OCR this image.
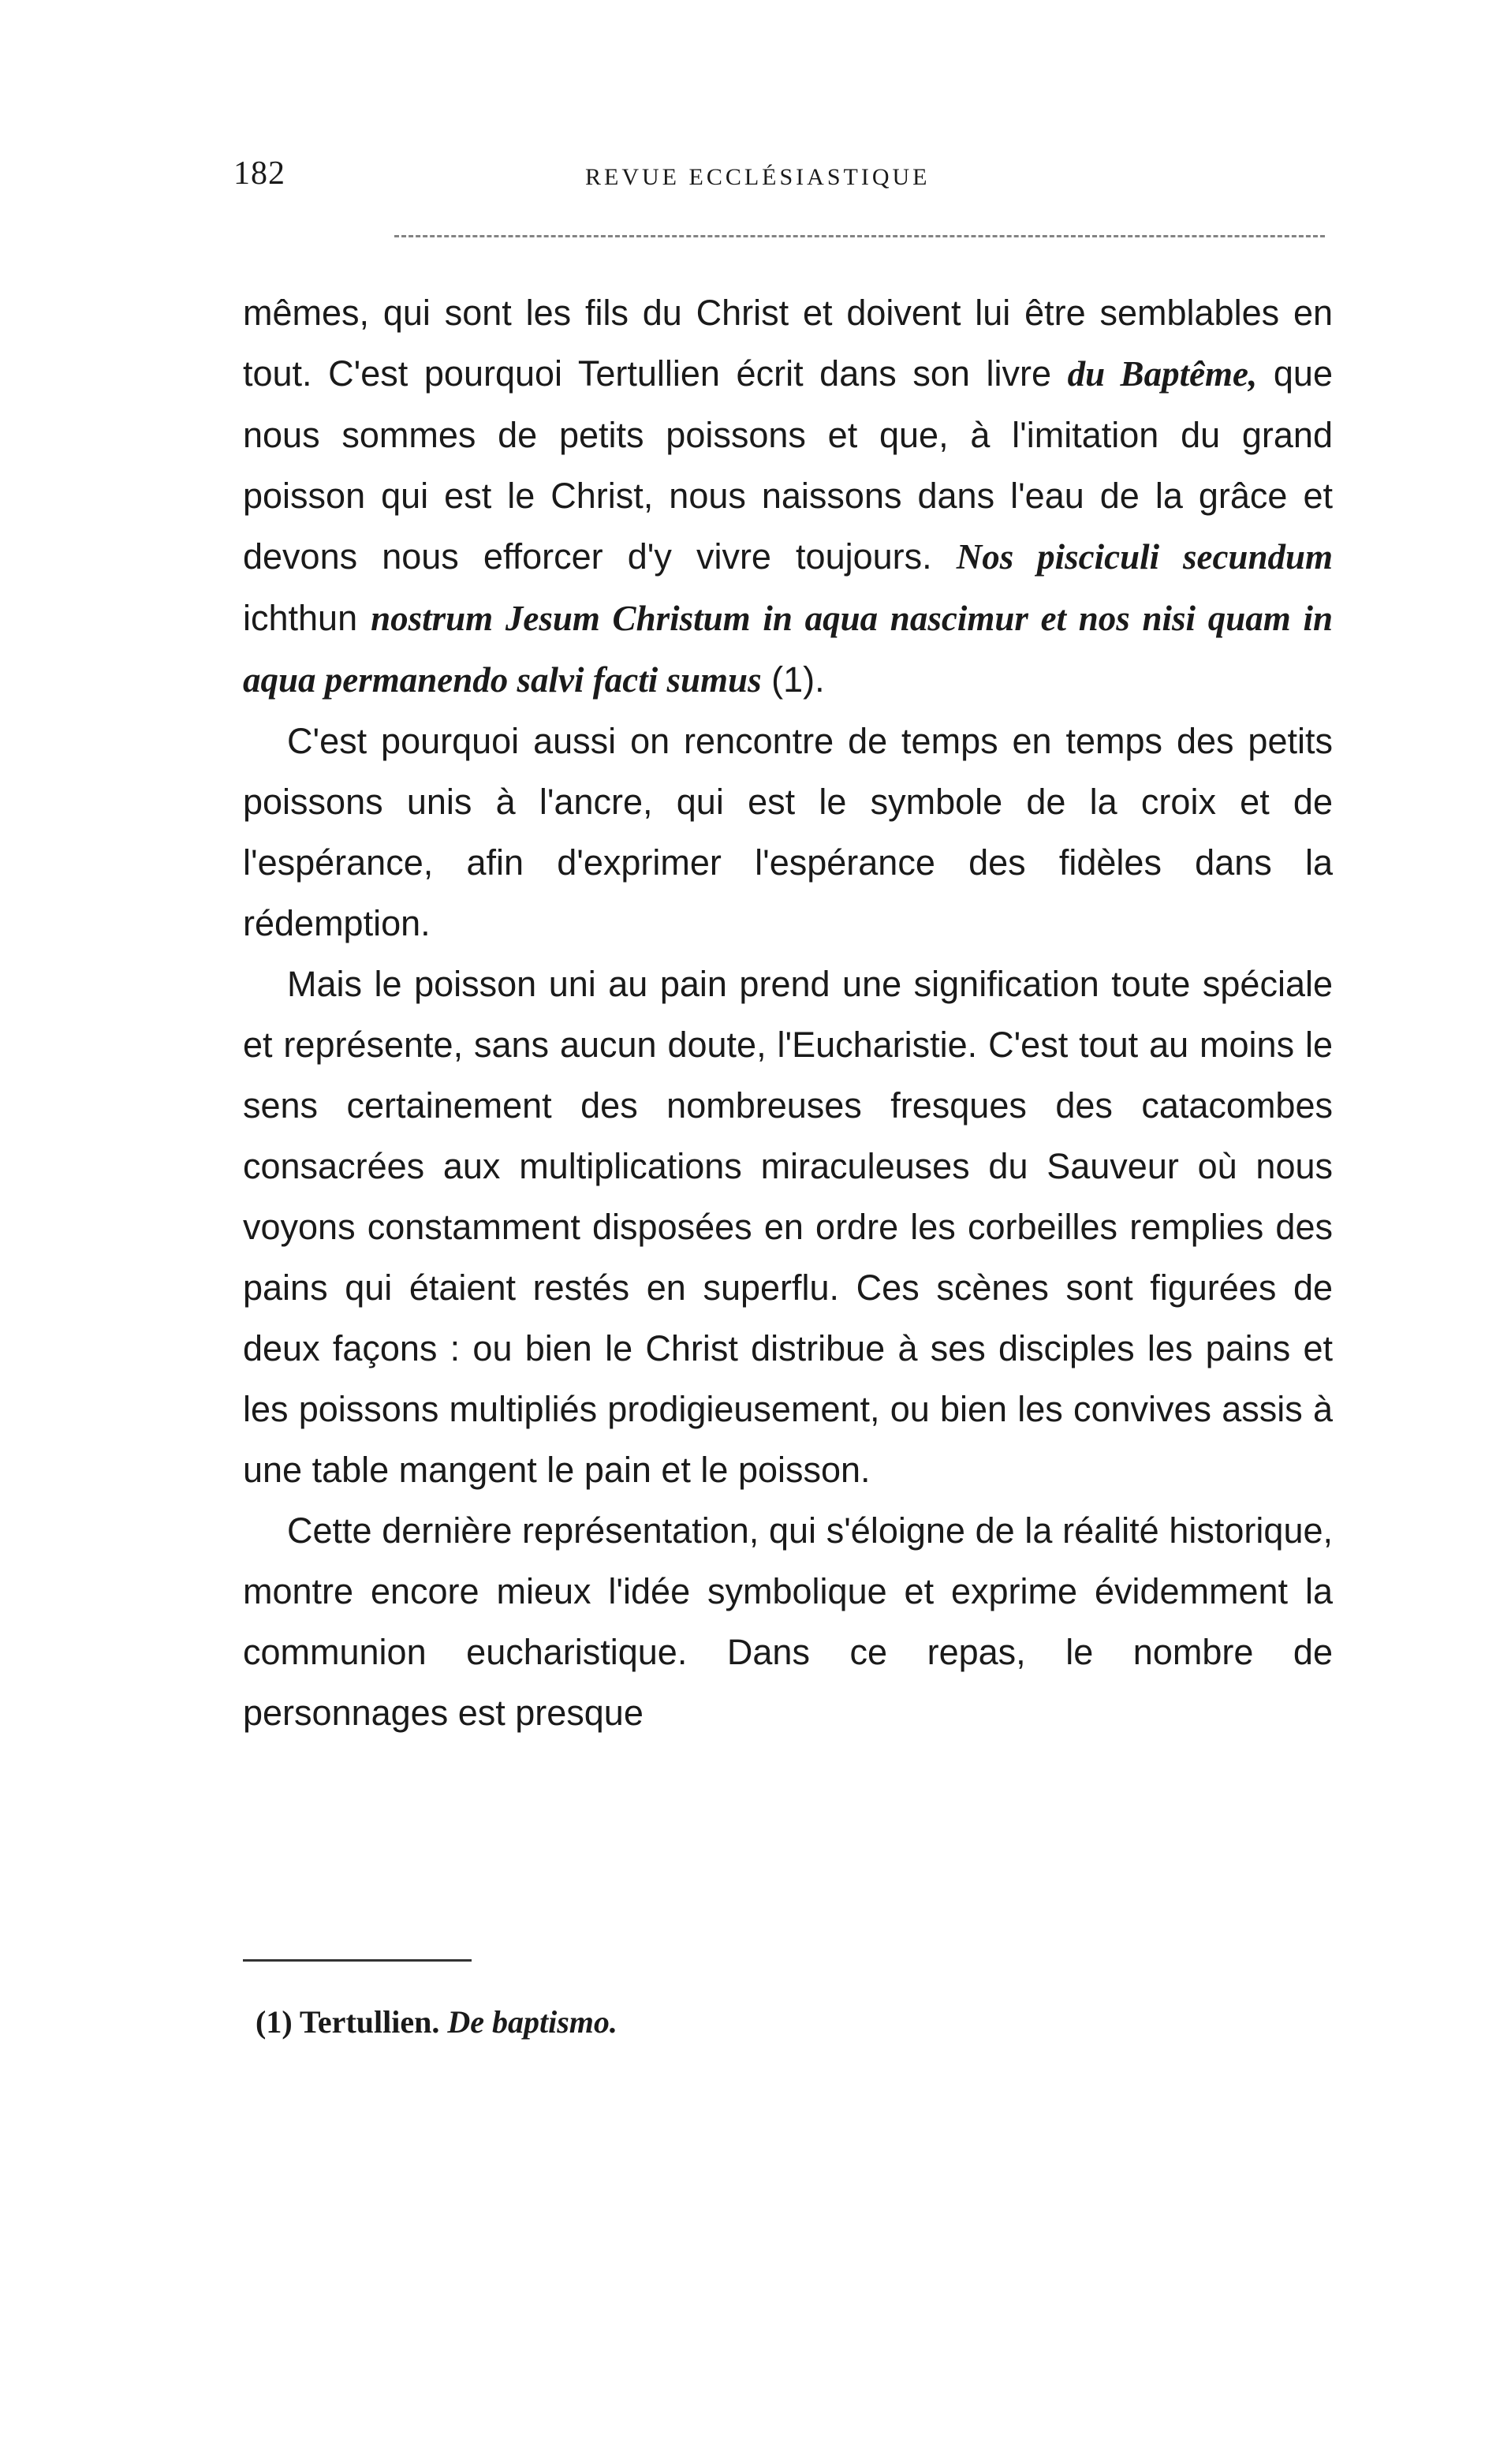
182	REVUE ECCLÉSIASTIQUE

mêmes, qui sont les fils du Christ et doivent lui être semblables en tout. C'est pourquoi Tertullien écrit dans son livre du Baptême, que nous sommes de petits poissons et que, à l'imitation du grand poisson qui est le Christ, nous naissons dans l'eau de la grâce et devons nous efforcer d'y vivre toujours. Nos pisciculi secundum ichthun nostrum Jesum Christum in aqua nascimur et nos nisi quam in aqua permanendo salvi facti sumus (1).

C'est pourquoi aussi on rencontre de temps en temps des petits poissons unis à l'ancre, qui est le symbole de la croix et de l'espérance, afin d'exprimer l'espérance des fidèles dans la rédemption.

Mais le poisson uni au pain prend une signification toute spéciale et représente, sans aucun doute, l'Eucharistie. C'est tout au moins le sens certainement des nombreuses fresques des catacombes consacrées aux multiplications miraculeuses du Sauveur où nous voyons constamment disposées en ordre les corbeilles remplies des pains qui étaient restés en superflu. Ces scènes sont figurées de deux façons : ou bien le Christ distribue à ses disciples les pains et les poissons multipliés prodigieusement, ou bien les convives assis à une table mangent le pain et le poisson.

Cette dernière représentation, qui s'éloigne de la réalité historique, montre encore mieux l'idée symbolique et exprime évidemment la communion eucharistique. Dans ce repas, le nombre de personnages est presque

(1) Tertullien. De baptismo.
